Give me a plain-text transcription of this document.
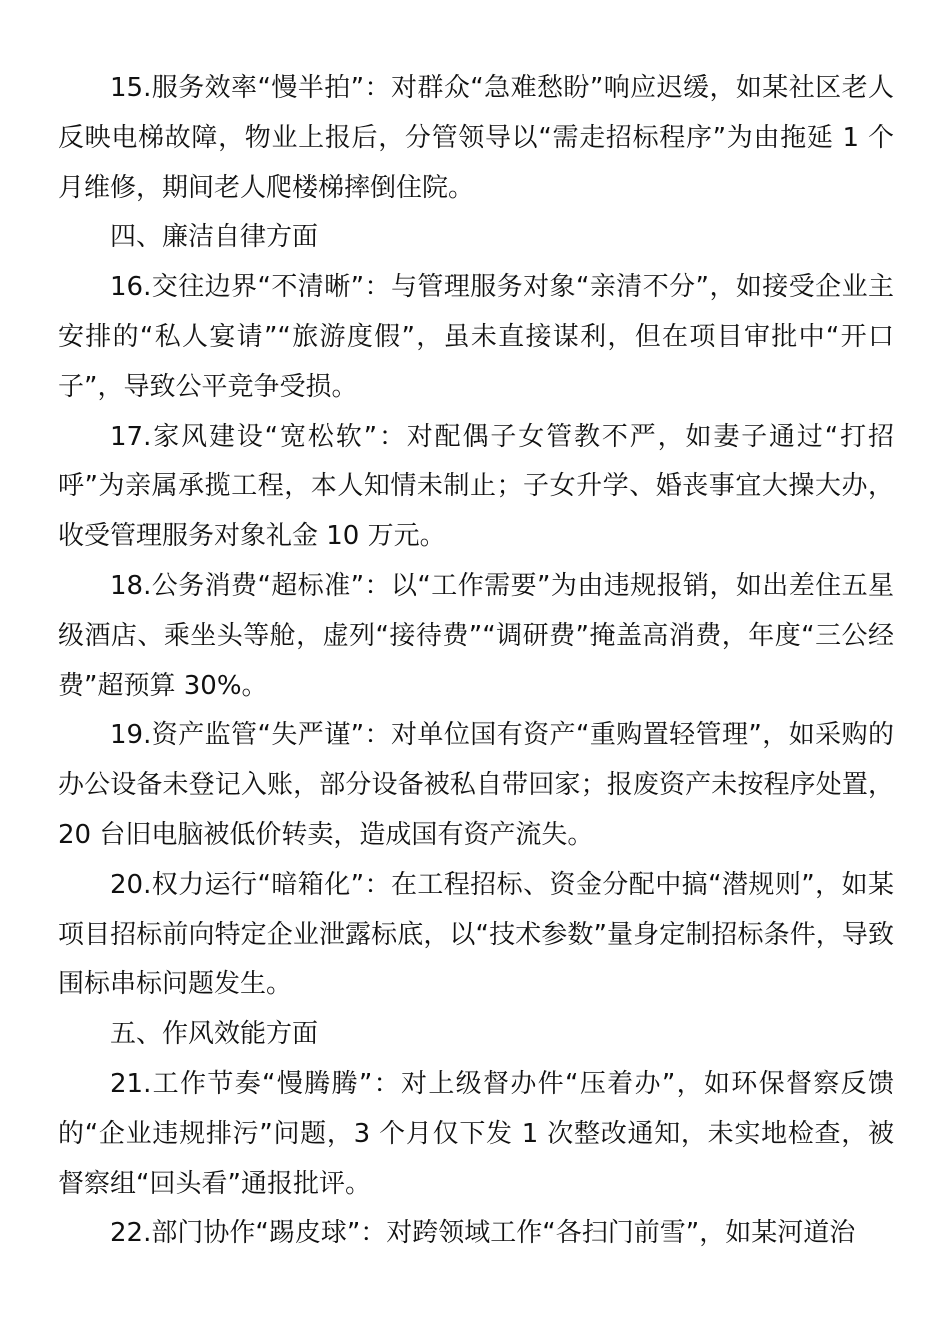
15.服务效率“慢半拍”：对群众“急难愁盼”响应迟缓，如某社区老人反映电梯故障，物业上报后，分管领导以“需走招标程序”为由拖延 1 个月维修，期间老人爬楼梯摔倒住院。

四、廉洁自律方面

16.交往边界“不清晰”：与管理服务对象“亲清不分”，如接受企业主安排的“私人宴请”“旅游度假”，虽未直接谋利，但在项目审批中“开口子”，导致公平竞争受损。

17.家风建设“宽松软”：对配偶子女管教不严，如妻子通过“打招呼”为亲属承揽工程，本人知情未制止；子女升学、婚丧事宜大操大办，收受管理服务对象礼金 10 万元。

18.公务消费“超标准”：以“工作需要”为由违规报销，如出差住五星级酒店、乘坐头等舱，虚列“接待费”“调研费”掩盖高消费，年度“三公经费”超预算 30%。

19.资产监管“失严谨”：对单位国有资产“重购置轻管理”，如采购的办公设备未登记入账，部分设备被私自带回家；报废资产未按程序处置，20 台旧电脑被低价转卖，造成国有资产流失。

20.权力运行“暗箱化”：在工程招标、资金分配中搞“潜规则”，如某项目招标前向特定企业泄露标底，以“技术参数”量身定制招标条件，导致围标串标问题发生。

五、作风效能方面

21.工作节奏“慢腾腾”：对上级督办件“压着办”，如环保督察反馈的“企业违规排污”问题，3 个月仅下发 1 次整改通知，未实地检查，被督察组“回头看”通报批评。

22.部门协作“踢皮球”：对跨领域工作“各扫门前雪”，如某河道治
